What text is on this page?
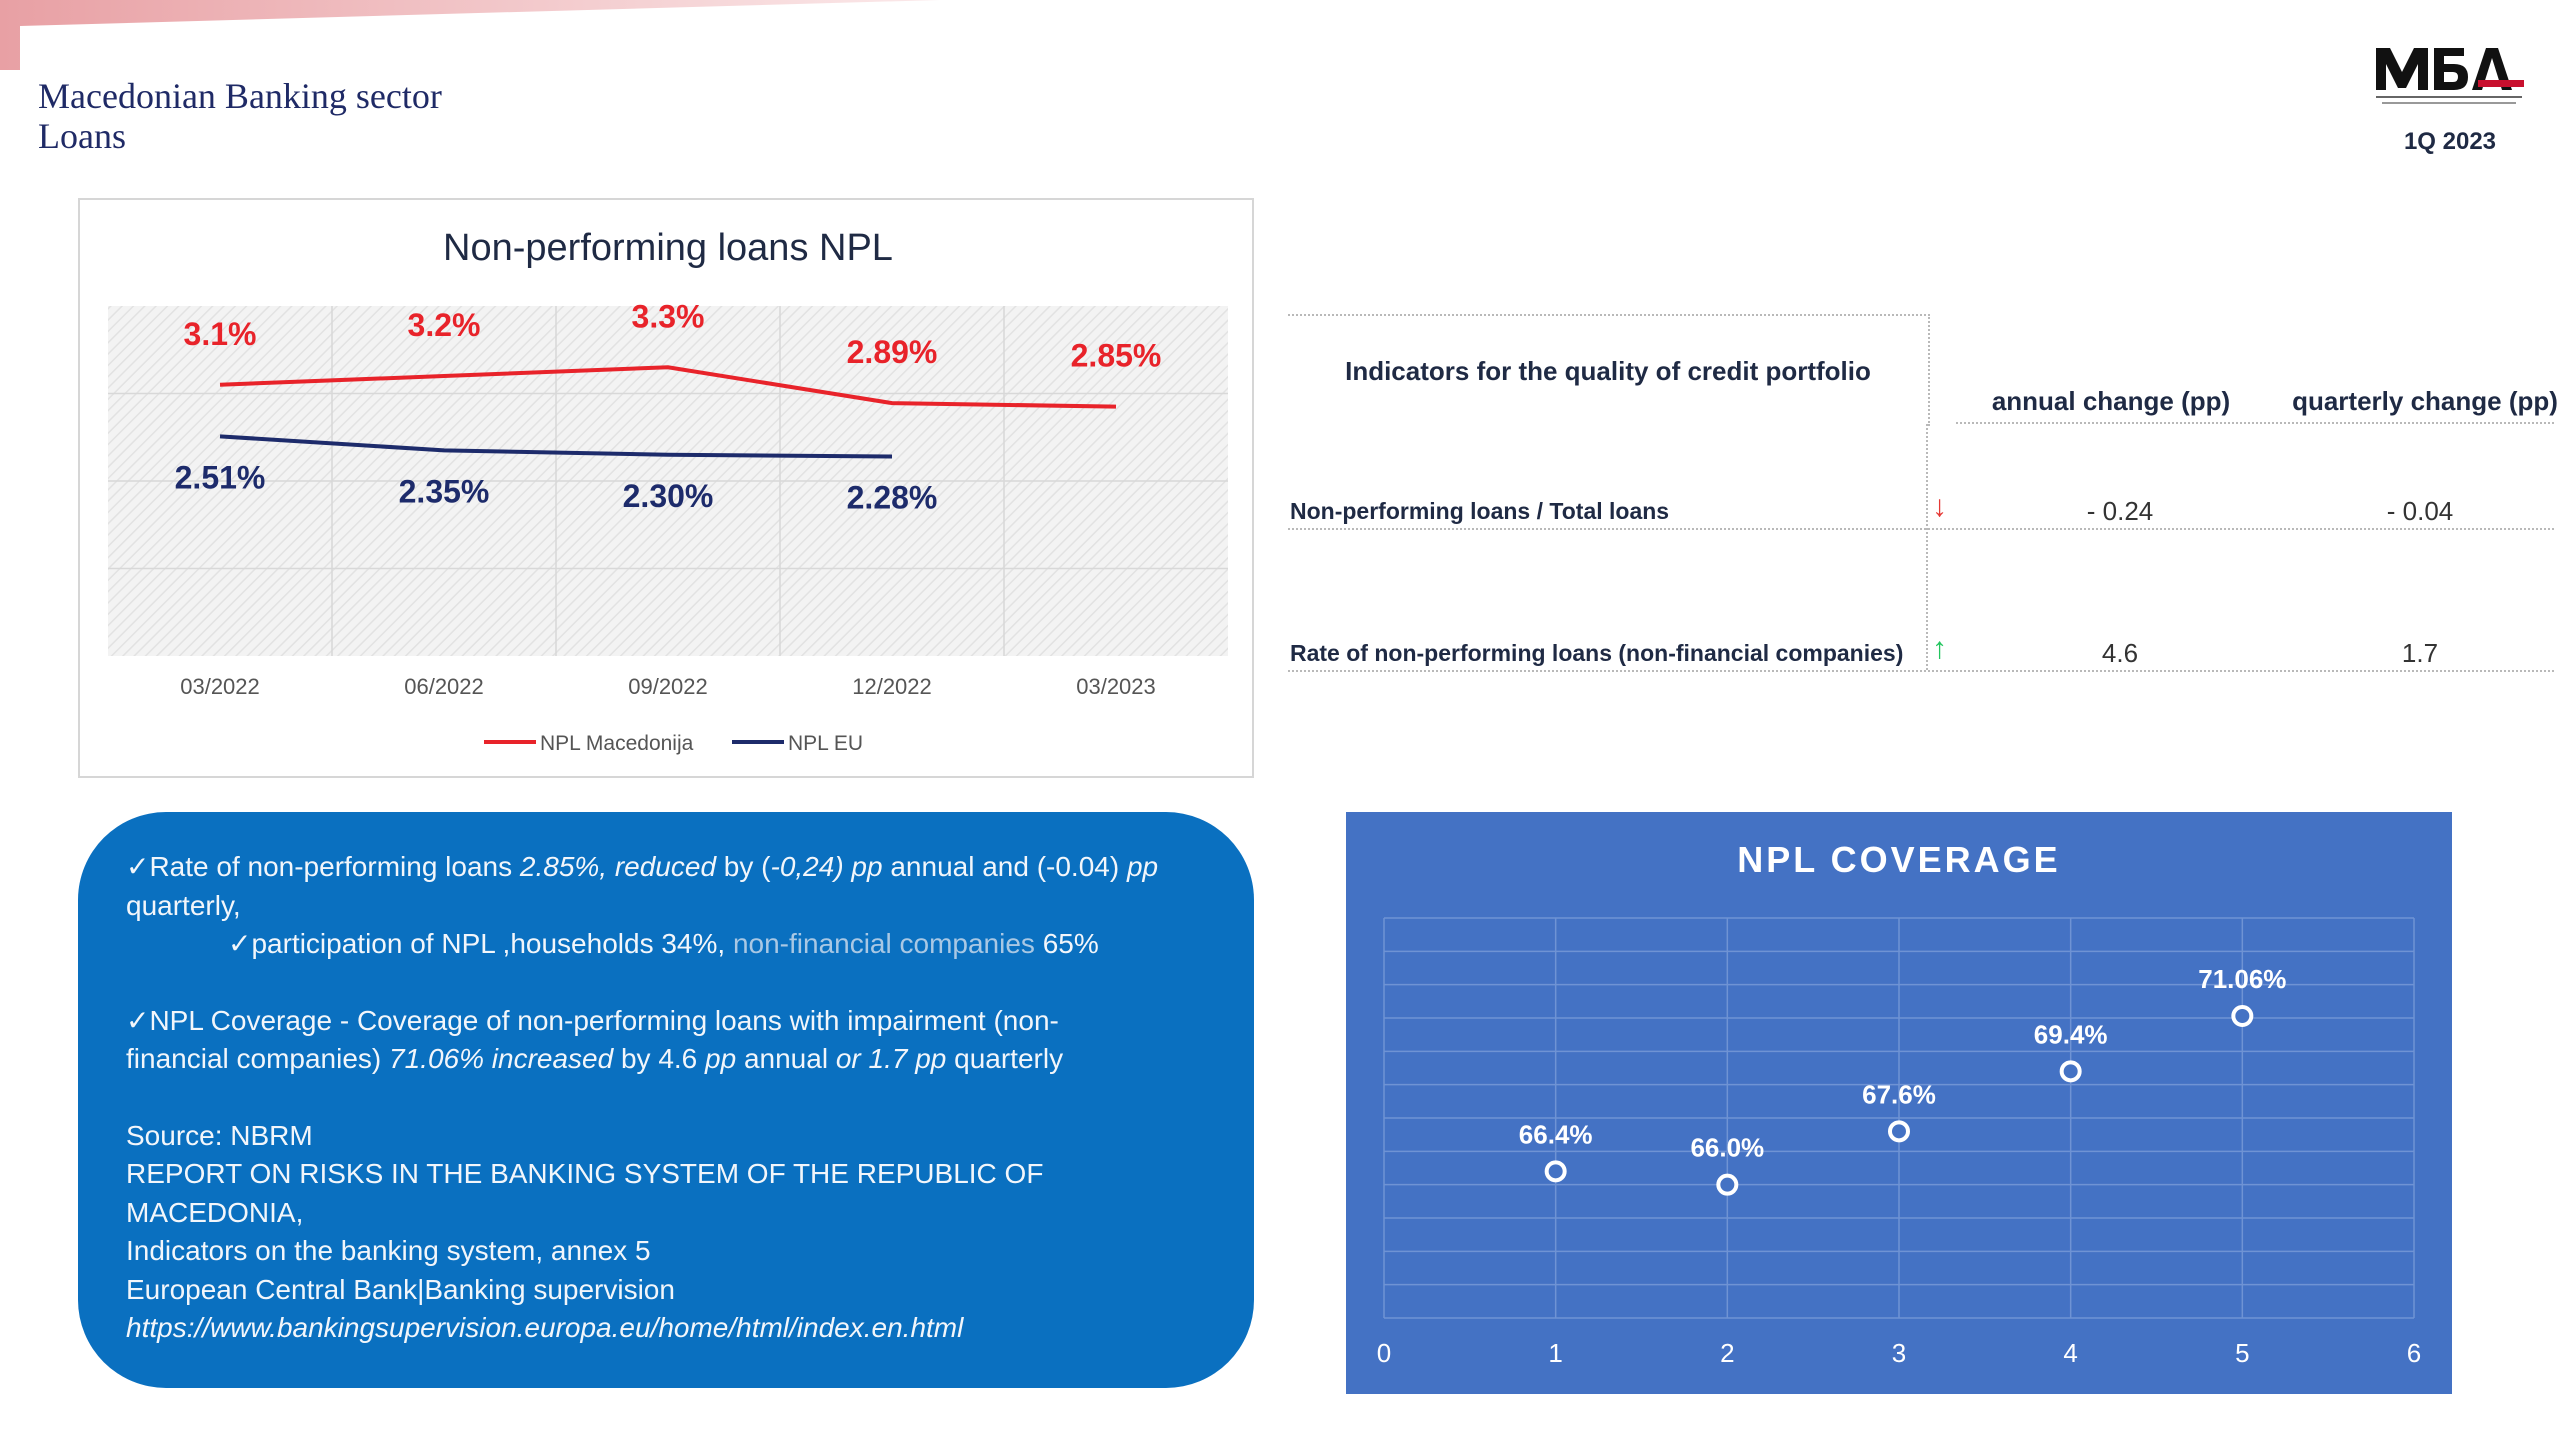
Macedonian Banking sector
Loans	1Q 2023
Non-performing loans NPL
3.1%	3.2%	3.3%
2.89%	2.85%
2.51%	2.35%	2.30%	2.28%
03/2022	06/2022	09/2022	12/2022	03/2023
NPL Macedonija	NPL EU
Indicators for the quality of credit portfolio
annual change (pp)	quarterly change (pp)
Non-performing loans / Total loans	↓	- 0.24	- 0.04
Rate of non-performing loans (non-financial companies) ↑	4.6	1.7

✓Rate of non-performing loans 2.85%, reduced by (-0,24) pp annual and (-0.04) pp

quarterly,

✓participation of NPL ,households 34%, non-financial companies 65%

✓NPL Coverage - Coverage of non-performing loans with impairment (non-

financial companies) 71.06% increased by 4.6 pp annual or 1.7 pp quarterly

Source: NBRM

REPORT ON RISKS IN THE BANKING SYSTEM OF THE REPUBLIC OF MACEDONIA,

Indicators on the banking system, annex 5

European Central Bank|Banking supervision

https://www.bankingsupervision.europa.eu/home/html/index.en.html

NPL COVERAGE
66.4%	66.0%
67.6%
69.4%
71.06%
0	1	2	3	4	5	6
